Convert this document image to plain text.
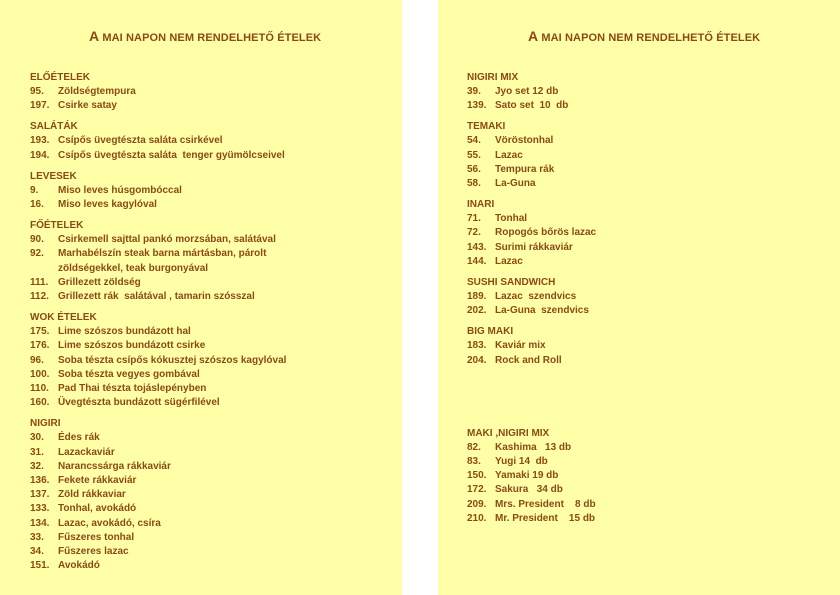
A MAI NAPON NEM RENDELHETŐ ÉTELEK
ELŐÉTELEK
95.	Zöldségtempura
197. Csirke satay
SALÁTÁK
193. Csípős üvegtészta saláta csirkével
194. Csípős üvegtészta saláta  tenger gyümölcseivel
LEVESEK
9.	Miso leves húsgombóccal
16.	Miso leves kagylóval
FŐÉTELEK
90.	Csirkemell sajttal pankó morzsában, salátával
92.	Marhabélszín steak barna mártásban, párolt
zöldségekkel, teak burgonyával
111. Grillezett zöldség
112. Grillezett rák  salátával , tamarin szósszal
WOK ÉTELEK
175. Lime szószos bundázott hal
176. Lime szószos bundázott csirke
96.	Soba tészta csípős kókusztej szószos kagylóval
100. Soba tészta vegyes gombával
110. Pad Thai tészta tojáslepényben
160. Üvegtészta bundázott sügérfilével
NIGIRI
30.	Édes rák
31.	Lazackaviár
32.	Narancssárga rákkaviár
136. Fekete rákkaviár
137. Zöld rákkaviar
133. Tonhal, avokádó
134. Lazac, avokádó, csíra
33.	Fűszeres tonhal
34.	Fűszeres lazac
151. Avokádó
A MAI NAPON NEM RENDELHETŐ ÉTELEK
NIGIRI MIX
39.	Jyo set 12 db
139. Sato set  10  db
TEMAKI
54.	Vöröstonhal
55.	Lazac
56.	Tempura rák
58.	La-Guna
INARI
71.	Tonhal
72.	Ropogós bőrös lazac
143. Surimi rákkaviár
144. Lazac
SUSHI SANDWICH
189. Lazac  szendvics
202. La-Guna  szendvics
BIG MAKI
183. Kaviár mix
204. Rock and Roll
MAKI ,NIGIRI MIX
82.	Kashima   13 db
83.	Yugi 14  db
150. Yamaki 19 db
172. Sakura   34 db
209. Mrs. President    8 db
210. Mr. President    15 db
